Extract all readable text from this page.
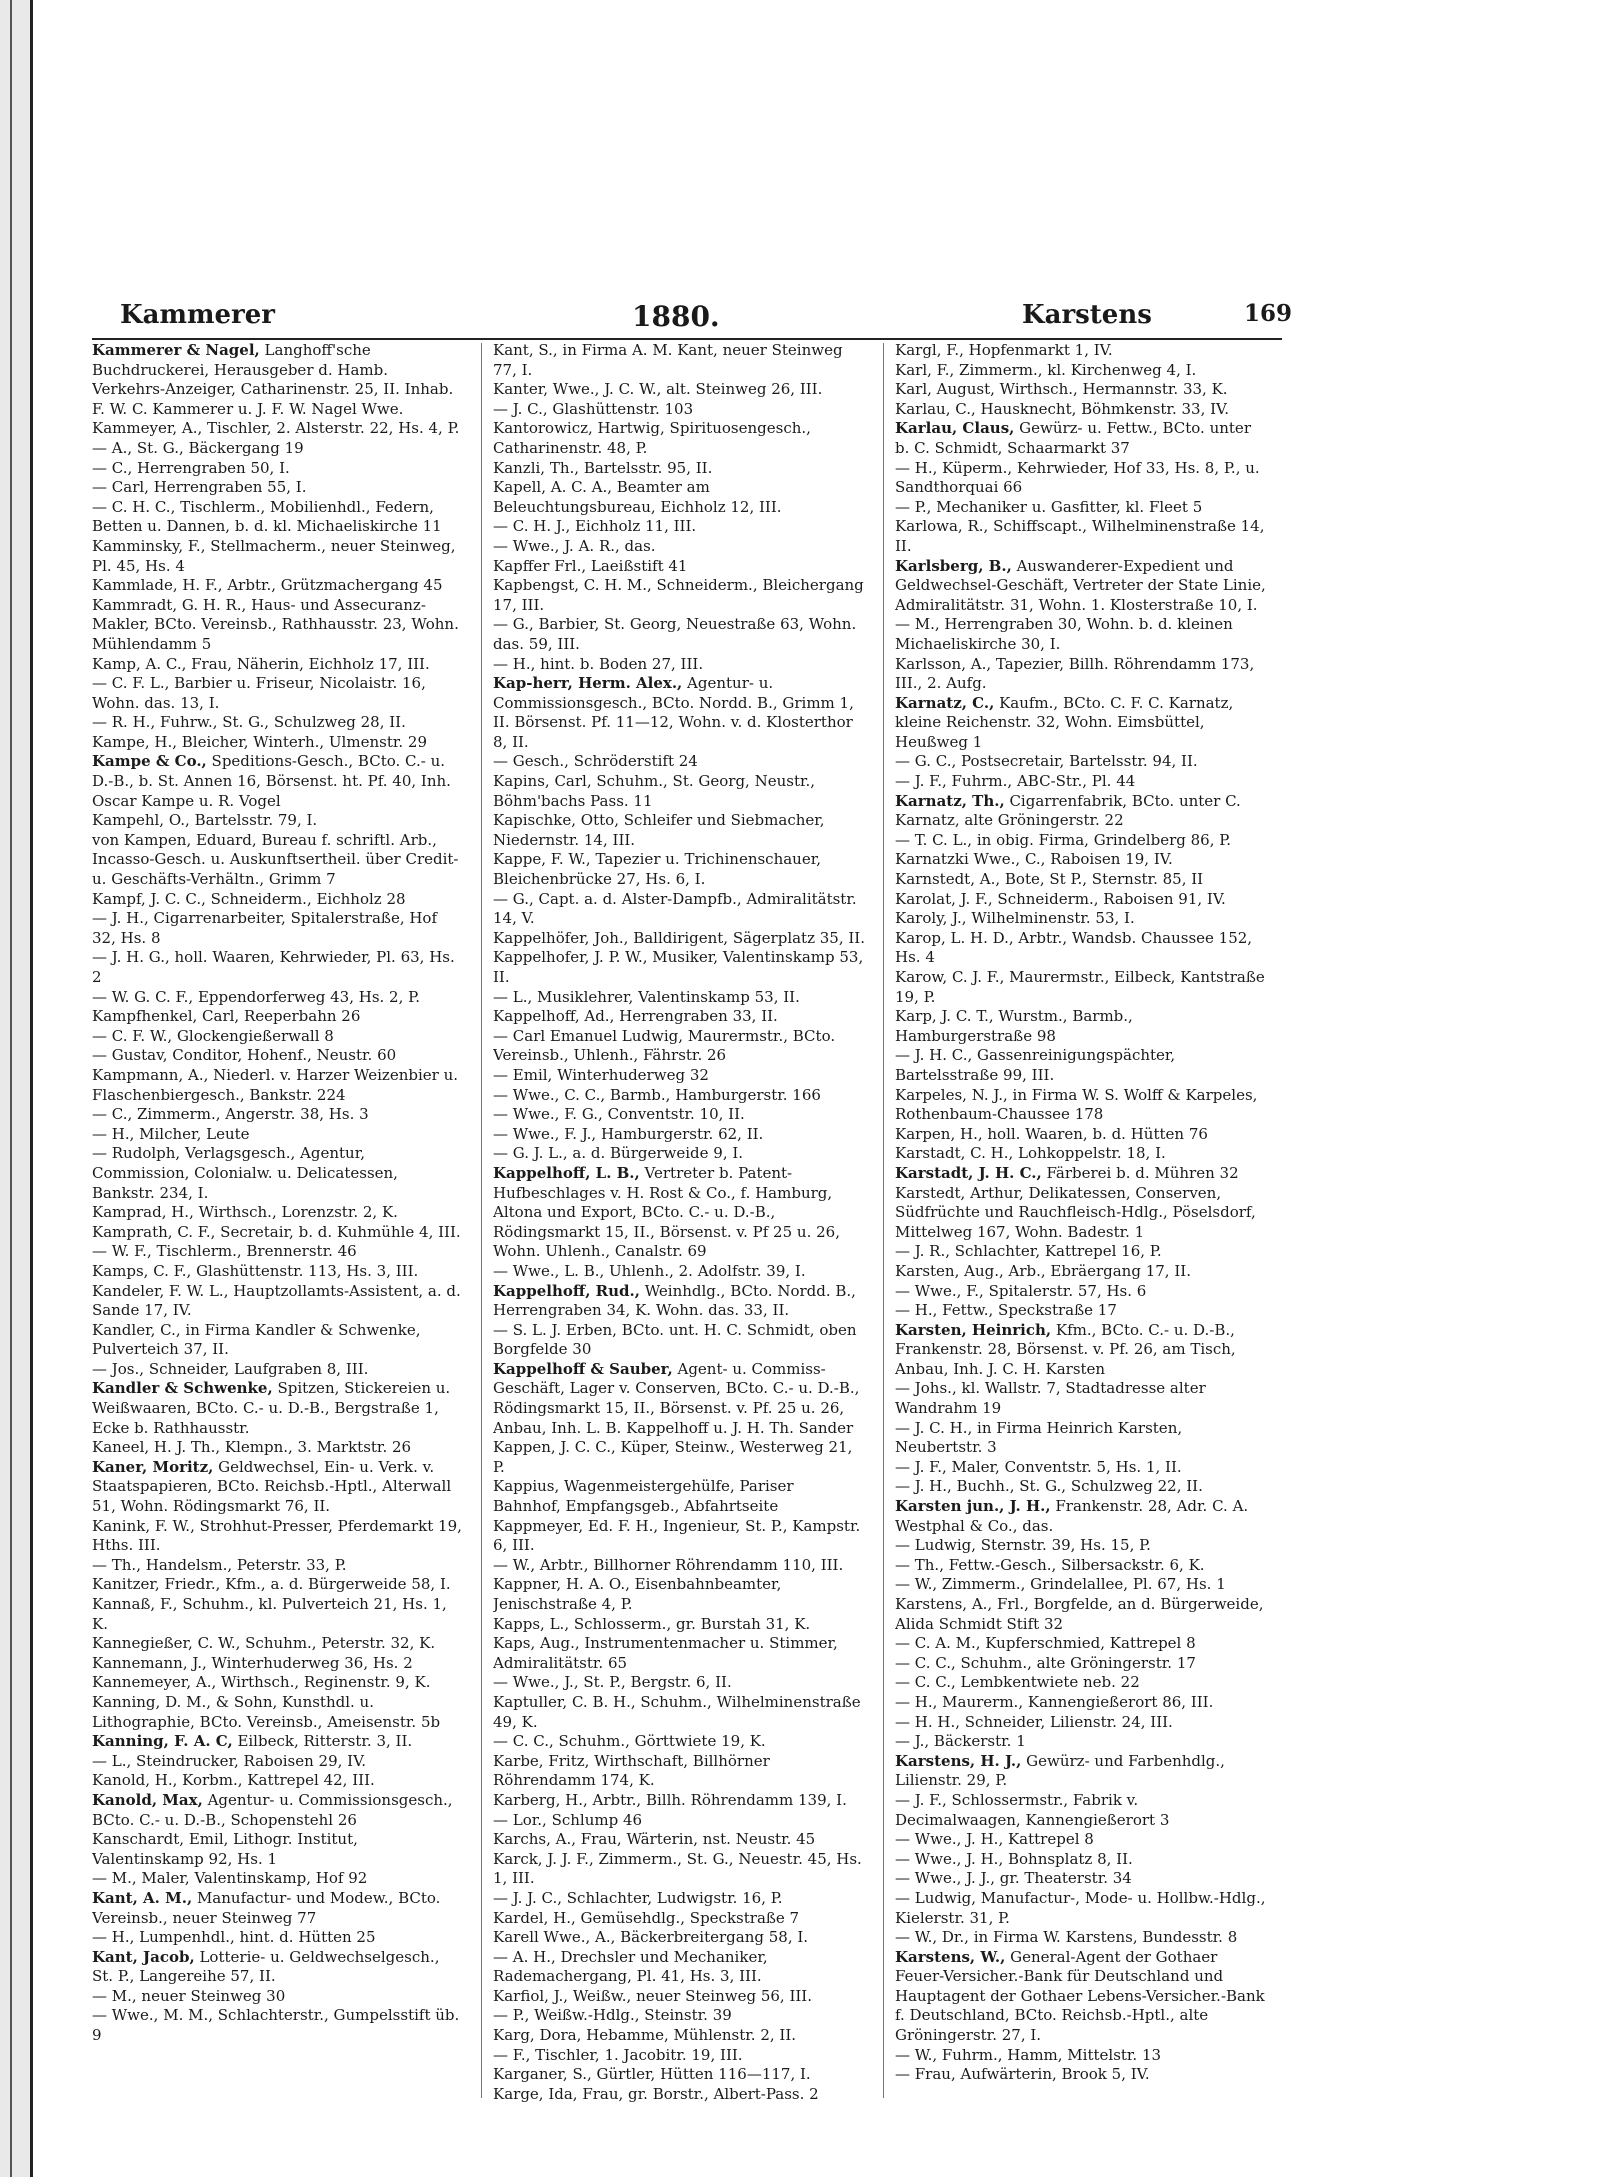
Kammerer	1880.	Karstens	169

Kammerer & Nagel, Langhoff'sche Buchdruckerei, Herausgeber d. Hamb. Verkehrs-Anzeiger, Catharinenstr. 25, II. Inhab. F. W. C. Kammerer u. J. F. W. Nagel Wwe.

Kammeyer, A., Tischler, 2. Alsterstr. 22, Hs. 4, P.

— A., St. G., Bäckergang 19

— C., Herrengraben 50, I.

— Carl, Herrengraben 55, I.

— C. H. C., Tischlerm., Mobilienhdl., Federn, Betten u. Dannen, b. d. kl. Michaeliskirche 11

Kamminsky, F., Stellmacherm., neuer Steinweg, Pl. 45, Hs. 4

Kammlade, H. F., Arbtr., Grützmachergang 45

Kammradt, G. H. R., Haus- und Assecuranz-Makler, BCto. Vereinsb., Rathhausstr. 23, Wohn. Mühlendamm 5

Kamp, A. C., Frau, Näherin, Eichholz 17, III.

— C. F. L., Barbier u. Friseur, Nicolaistr. 16, Wohn. das. 13, I.

— R. H., Fuhrw., St. G., Schulzweg 28, II.

Kampe, H., Bleicher, Winterh., Ulmenstr. 29

Kampe & Co., Speditions-Gesch., BCto. C.- u. D.-B., b. St. Annen 16, Börsenst. ht. Pf. 40, Inh. Oscar Kampe u. R. Vogel

Kampehl, O., Bartelsstr. 79, I.

von Kampen, Eduard, Bureau f. schriftl. Arb., Incasso-Gesch. u. Auskunftsertheil. über Credit- u. Geschäfts-Verhältn., Grimm 7

Kampf, J. C. C., Schneiderm., Eichholz 28

— J. H., Cigarrenarbeiter, Spitalerstraße, Hof 32, Hs. 8

— J. H. G., holl. Waaren, Kehrwieder, Pl. 63, Hs. 2

— W. G. C. F., Eppendorferweg 43, Hs. 2, P.

Kampfhenkel, Carl, Reeperbahn 26

— C. F. W., Glockengießerwall 8

— Gustav, Conditor, Hohenf., Neustr. 60

Kampmann, A., Niederl. v. Harzer Weizenbier u. Flaschenbiergesch., Bankstr. 224

— C., Zimmerm., Angerstr. 38, Hs. 3

— H., Milcher, Leute

— Rudolph, Verlagsgesch., Agentur, Commission, Colonialw. u. Delicatessen, Bankstr. 234, I.

Kamprad, H., Wirthsch., Lorenzstr. 2, K.

Kamprath, C. F., Secretair, b. d. Kuhmühle 4, III.

— W. F., Tischlerm., Brennerstr. 46

Kamps, C. F., Glashüttenstr. 113, Hs. 3, III.

Kandeler, F. W. L., Hauptzollamts-Assistent, a. d. Sande 17, IV.

Kandler, C., in Firma Kandler & Schwenke, Pulverteich 37, II.

— Jos., Schneider, Laufgraben 8, III.

Kandler & Schwenke, Spitzen, Stickereien u. Weißwaaren, BCto. C.- u. D.-B., Bergstraße 1, Ecke b. Rathhausstr.

Kaneel, H. J. Th., Klempn., 3. Marktstr. 26

Kaner, Moritz, Geldwechsel, Ein- u. Verk. v. Staatspapieren, BCto. Reichsb.-Hptl., Alterwall 51, Wohn. Rödingsmarkt 76, II.

Kanink, F. W., Strohhut-Presser, Pferdemarkt 19, Hths. III.

— Th., Handelsm., Peterstr. 33, P.

Kanitzer, Friedr., Kfm., a. d. Bürgerweide 58, I.

Kannaß, F., Schuhm., kl. Pulverteich 21, Hs. 1, K.

Kannegießer, C. W., Schuhm., Peterstr. 32, K.

Kannemann, J., Winterhuderweg 36, Hs. 2

Kannemeyer, A., Wirthsch., Reginenstr. 9, K.

Kanning, D. M., & Sohn, Kunsthdl. u. Lithographie, BCto. Vereinsb., Ameisenstr. 5b

Kanning, F. A. C, Eilbeck, Ritterstr. 3, II.

— L., Steindrucker, Raboisen 29, IV.

Kanold, H., Korbm., Kattrepel 42, III.

Kanold, Max, Agentur- u. Commissionsgesch., BCto. C.- u. D.-B., Schopenstehl 26

Kanschardt, Emil, Lithogr. Institut, Valentinskamp 92, Hs. 1

— M., Maler, Valentinskamp, Hof 92

Kant, A. M., Manufactur- und Modew., BCto. Vereinsb., neuer Steinweg 77

— H., Lumpenhdl., hint. d. Hütten 25

Kant, Jacob, Lotterie- u. Geldwechselgesch., St. P., Langereihe 57, II.

— M., neuer Steinweg 30

— Wwe., M. M., Schlachterstr., Gumpelsstift üb. 9

Kant, S., in Firma A. M. Kant, neuer Steinweg 77, I.

Kanter, Wwe., J. C. W., alt. Steinweg 26, III.

— J. C., Glashüttenstr. 103

Kantorowicz, Hartwig, Spirituosengesch., Catharinenstr. 48, P.

Kanzli, Th., Bartelsstr. 95, II.

Kapell, A. C. A., Beamter am Beleuchtungsbureau, Eichholz 12, III.

— C. H. J., Eichholz 11, III.

— Wwe., J. A. R., das.

Kapffer Frl., Laeißstift 41

Kapbengst, C. H. M., Schneiderm., Bleichergang 17, III.

— G., Barbier, St. Georg, Neuestraße 63, Wohn. das. 59, III.

— H., hint. b. Boden 27, III.

Kap-herr, Herm. Alex., Agentur- u. Commissionsgesch., BCto. Nordd. B., Grimm 1, II. Börsenst. Pf. 11—12, Wohn. v. d. Klosterthor 8, II.

— Gesch., Schröderstift 24

Kapins, Carl, Schuhm., St. Georg, Neustr., Böhm'bachs Pass. 11

Kapischke, Otto, Schleifer und Siebmacher, Niedernstr. 14, III.

Kappe, F. W., Tapezier u. Trichinenschauer, Bleichenbrücke 27, Hs. 6, I.

— G., Capt. a. d. Alster-Dampfb., Admiralitätstr. 14, V.

Kappelhöfer, Joh., Balldirigent, Sägerplatz 35, II.

Kappelhofer, J. P. W., Musiker, Valentinskamp 53, II.

— L., Musiklehrer, Valentinskamp 53, II.

Kappelhoff, Ad., Herrengraben 33, II.

— Carl Emanuel Ludwig, Maurermstr., BCto. Vereinsb., Uhlenh., Fährstr. 26

— Emil, Winterhuderweg 32

— Wwe., C. C., Barmb., Hamburgerstr. 166

— Wwe., F. G., Conventstr. 10, II.

— Wwe., F. J., Hamburgerstr. 62, II.

— G. J. L., a. d. Bürgerweide 9, I.

Kappelhoff, L. B., Vertreter b. Patent-Hufbeschlages v. H. Rost & Co., f. Hamburg, Altona und Export, BCto. C.- u. D.-B., Rödingsmarkt 15, II., Börsenst. v. Pf 25 u. 26, Wohn. Uhlenh., Canalstr. 69

— Wwe., L. B., Uhlenh., 2. Adolfstr. 39, I.

Kappelhoff, Rud., Weinhdlg., BCto. Nordd. B., Herrengraben 34, K. Wohn. das. 33, II.

— S. L. J. Erben, BCto. unt. H. C. Schmidt, oben Borgfelde 30

Kappelhoff & Sauber, Agent- u. Commiss-Geschäft, Lager v. Conserven, BCto. C.- u. D.-B., Rödingsmarkt 15, II., Börsenst. v. Pf. 25 u. 26, Anbau, Inh. L. B. Kappelhoff u. J. H. Th. Sander

Kappen, J. C. C., Küper, Steinw., Westerweg 21, P.

Kappius, Wagenmeistergehülfe, Pariser Bahnhof, Empfangsgeb., Abfahrtseite

Kappmeyer, Ed. F. H., Ingenieur, St. P., Kampstr. 6, III.

— W., Arbtr., Billhorner Röhrendamm 110, III.

Kappner, H. A. O., Eisenbahnbeamter, Jenischstraße 4, P.

Kapps, L., Schlosserm., gr. Burstah 31, K.

Kaps, Aug., Instrumentenmacher u. Stimmer, Admiralitätstr. 65

— Wwe., J., St. P., Bergstr. 6, II.

Kaptuller, C. B. H., Schuhm., Wilhelminenstraße 49, K.

— C. C., Schuhm., Görttwiete 19, K.

Karbe, Fritz, Wirthschaft, Billhörner Röhrendamm 174, K.

Karberg, H., Arbtr., Billh. Röhrendamm 139, I.

— Lor., Schlump 46

Karchs, A., Frau, Wärterin, nst. Neustr. 45

Karck, J. J. F., Zimmerm., St. G., Neuestr. 45, Hs. 1, III.

— J. J. C., Schlachter, Ludwigstr. 16, P.

Kardel, H., Gemüsehdlg., Speckstraße 7

Karell Wwe., A., Bäckerbreitergang 58, I.

— A. H., Drechsler und Mechaniker, Rademachergang, Pl. 41, Hs. 3, III.

Karfiol, J., Weißw., neuer Steinweg 56, III.

— P., Weißw.-Hdlg., Steinstr. 39

Karg, Dora, Hebamme, Mühlenstr. 2, II.

— F., Tischler, 1. Jacobitr. 19, III.

Karganer, S., Gürtler, Hütten 116—117, I.

Karge, Ida, Frau, gr. Borstr., Albert-Pass. 2

Kargl, F., Hopfenmarkt 1, IV.

Karl, F., Zimmerm., kl. Kirchenweg 4, I.

Karl, August, Wirthsch., Hermannstr. 33, K.

Karlau, C., Hausknecht, Böhmkenstr. 33, IV.

Karlau, Claus, Gewürz- u. Fettw., BCto. unter b. C. Schmidt, Schaarmarkt 37

— H., Küperm., Kehrwieder, Hof 33, Hs. 8, P., u. Sandthorquai 66

— P., Mechaniker u. Gasfitter, kl. Fleet 5

Karlowa, R., Schiffscapt., Wilhelminenstraße 14, II.

Karlsberg, B., Auswanderer-Expedient und Geldwechsel-Geschäft, Vertreter der State Linie, Admiralitätstr. 31, Wohn. 1. Klosterstraße 10, I.

— M., Herrengraben 30, Wohn. b. d. kleinen Michaeliskirche 30, I.

Karlsson, A., Tapezier, Billh. Röhrendamm 173, III., 2. Aufg.

Karnatz, C., Kaufm., BCto. C. F. C. Karnatz, kleine Reichenstr. 32, Wohn. Eimsbüttel, Heußweg 1

— G. C., Postsecretair, Bartelsstr. 94, II.

— J. F., Fuhrm., ABC-Str., Pl. 44

Karnatz, Th., Cigarrenfabrik, BCto. unter C. Karnatz, alte Gröningerstr. 22

— T. C. L., in obig. Firma, Grindelberg 86, P.

Karnatzki Wwe., C., Raboisen 19, IV.

Karnstedt, A., Bote, St P., Sternstr. 85, II

Karolat, J. F., Schneiderm., Raboisen 91, IV.

Karoly, J., Wilhelminenstr. 53, I.

Karop, L. H. D., Arbtr., Wandsb. Chaussee 152, Hs. 4

Karow, C. J. F., Maurermstr., Eilbeck, Kantstraße 19, P.

Karp, J. C. T., Wurstm., Barmb., Hamburgerstraße 98

— J. H. C., Gassenreinigungspächter, Bartelsstraße 99, III.

Karpeles, N. J., in Firma W. S. Wolff & Karpeles, Rothenbaum-Chaussee 178

Karpen, H., holl. Waaren, b. d. Hütten 76

Karstadt, C. H., Lohkoppelstr. 18, I.

Karstadt, J. H. C., Färberei b. d. Mühren 32

Karstedt, Arthur, Delikatessen, Conserven, Südfrüchte und Rauchfleisch-Hdlg., Pöselsdorf, Mittelweg 167, Wohn. Badestr. 1

— J. R., Schlachter, Kattrepel 16, P.

Karsten, Aug., Arb., Ebräergang 17, II.

— Wwe., F., Spitalerstr. 57, Hs. 6

— H., Fettw., Speckstraße 17

Karsten, Heinrich, Kfm., BCto. C.- u. D.-B., Frankenstr. 28, Börsenst. v. Pf. 26, am Tisch, Anbau, Inh. J. C. H. Karsten

— Johs., kl. Wallstr. 7, Stadtadresse alter Wandrahm 19

— J. C. H., in Firma Heinrich Karsten, Neubertstr. 3

— J. F., Maler, Conventstr. 5, Hs. 1, II.

— J. H., Buchh., St. G., Schulzweg 22, II.

Karsten jun., J. H., Frankenstr. 28, Adr. C. A. Westphal & Co., das.

— Ludwig, Sternstr. 39, Hs. 15, P.

— Th., Fettw.-Gesch., Silbersackstr. 6, K.

— W., Zimmerm., Grindelallee, Pl. 67, Hs. 1

Karstens, A., Frl., Borgfelde, an d. Bürgerweide, Alida Schmidt Stift 32

— C. A. M., Kupferschmied, Kattrepel 8

— C. C., Schuhm., alte Gröningerstr. 17

— C. C., Lembkentwiete neb. 22

— H., Maurerm., Kannengießerort 86, III.

— H. H., Schneider, Lilienstr. 24, III.

— J., Bäckerstr. 1

Karstens, H. J., Gewürz- und Farbenhdlg., Lilienstr. 29, P.

— J. F., Schlossermstr., Fabrik v. Decimalwaagen, Kannengießerort 3

— Wwe., J. H., Kattrepel 8

— Wwe., J. H., Bohnsplatz 8, II.

— Wwe., J. J., gr. Theaterstr. 34

— Ludwig, Manufactur-, Mode- u. Hollbw.-Hdlg., Kielerstr. 31, P.

— W., Dr., in Firma W. Karstens, Bundesstr. 8

Karstens, W., General-Agent der Gothaer Feuer-Versicher.-Bank für Deutschland und Hauptagent der Gothaer Lebens-Versicher.-Bank f. Deutschland, BCto. Reichsb.-Hptl., alte Gröningerstr. 27, I.

— W., Fuhrm., Hamm, Mittelstr. 13

— Frau, Aufwärterin, Brook 5, IV.
